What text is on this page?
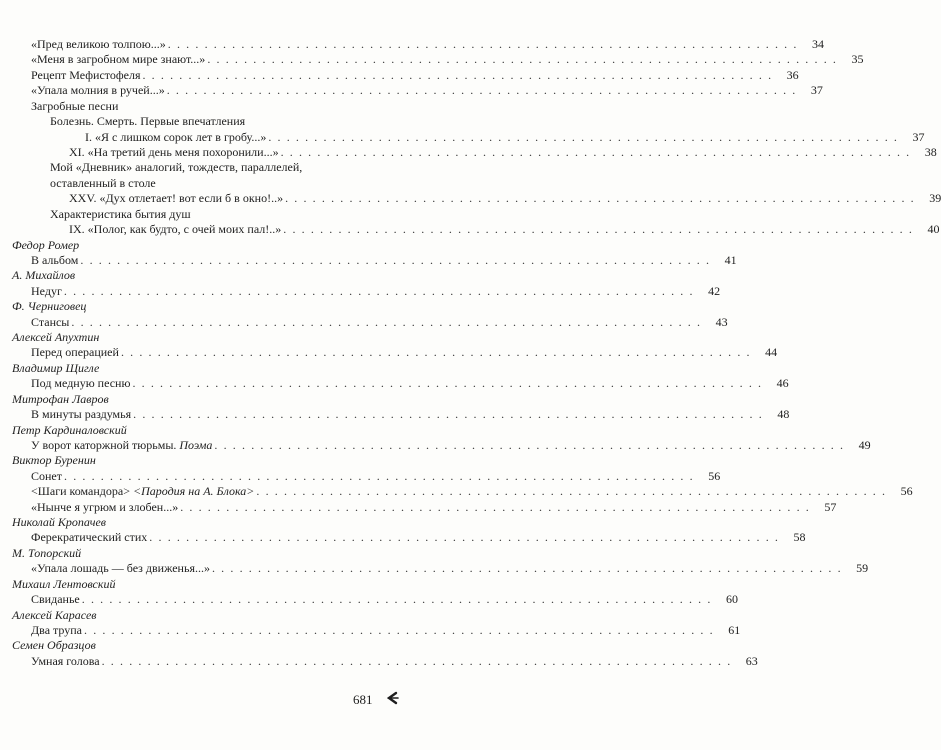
«Пред великою толпою...» . . . . . . . . . . . . . . . . . . . . . . . . . . . . . . . . . . . . . . . . . . . . . . . . . . . . . . . . . . . . . . . . . . . . .	34
«Меня в загробном мире знают...» . . . . . . . . . . . . . . . . . . . . . . . . . . . . . . . . . . . . . . . . . . . . . . . . . . . . . . . . . . . . . . . . . . . . .	35
Рецепт Мефистофеля . . . . . . . . . . . . . . . . . . . . . . . . . . . . . . . . . . . . . . . . . . . . . . . . . . . . . . . . . . . . . . . . . . . . .	36
«Упала молния в ручей...» . . . . . . . . . . . . . . . . . . . . . . . . . . . . . . . . . . . . . . . . . . . . . . . . . . . . . . . . . . . . . . . . . . . . .	37
Загробные песни
Болезнь. Смерть. Первые впечатления
I. «Я с лишком сорок лет в гробу...» . . . . . . . . . . . . . . . . . . . . . . . . . . . . . . . . . . . . . . . . . . . . . . . . . . . . . . . . . . . . . . . . . . . . .	37
XI. «На третий день меня похоронили...» . . . . . . . . . . . . . . . . . . . . . . . . . . . . . . . . . . . . . . . . . . . . . . . . . . . . . . . . . . . . . . . . . . . . .	38
Мой «Дневник» аналогий, тождеств, параллелей,
оставленный в столе
XXV. «Дух отлетает! вот если б в окно!..» . . . . . . . . . . . . . . . . . . . . . . . . . . . . . . . . . . . . . . . . . . . . . . . . . . . . . . . . . . . . . . . . . . . . .	39
Характеристика бытия душ
IX. «Полог, как будто, с очей моих пал!..» . . . . . . . . . . . . . . . . . . . . . . . . . . . . . . . . . . . . . . . . . . . . . . . . . . . . . . . . . . . . . . . . . . . . .	40
Федор Ромер
В альбом . . . . . . . . . . . . . . . . . . . . . . . . . . . . . . . . . . . . . . . . . . . . . . . . . . . . . . . . . . . . . . . . . . . . .	41
А. Михайлов
Недуг . . . . . . . . . . . . . . . . . . . . . . . . . . . . . . . . . . . . . . . . . . . . . . . . . . . . . . . . . . . . . . . . . . . . .	42
Ф. Черниговец
Стансы . . . . . . . . . . . . . . . . . . . . . . . . . . . . . . . . . . . . . . . . . . . . . . . . . . . . . . . . . . . . . . . . . . . . .	43
Алексей Апухтин
Перед операцией . . . . . . . . . . . . . . . . . . . . . . . . . . . . . . . . . . . . . . . . . . . . . . . . . . . . . . . . . . . . . . . . . . . . .	44
Владимир Щигле
Под медную песню . . . . . . . . . . . . . . . . . . . . . . . . . . . . . . . . . . . . . . . . . . . . . . . . . . . . . . . . . . . . . . . . . . . . .	46
Митрофан Лавров
В минуты раздумья . . . . . . . . . . . . . . . . . . . . . . . . . . . . . . . . . . . . . . . . . . . . . . . . . . . . . . . . . . . . . . . . . . . . .	48
Петр Кардиналовский
У ворот каторжной тюрьмы. Поэма . . . . . . . . . . . . . . . . . . . . . . . . . . . . . . . . . . . . . . . . . . . . . . . . . . . . . . . . . . . . . . . . . . . . .	49
Виктор Буренин
Сонет . . . . . . . . . . . . . . . . . . . . . . . . . . . . . . . . . . . . . . . . . . . . . . . . . . . . . . . . . . . . . . . . . . . . .	56
<Шаги командора> <Пародия на А. Блока> . . . . . . . . . . . . . . . . . . . . . . . . . . . . . . . . . . . . . . . . . . . . . . . . . . . . . . . . . . . . . . . . . . . . .	56
«Нынче я угрюм и злобен...» . . . . . . . . . . . . . . . . . . . . . . . . . . . . . . . . . . . . . . . . . . . . . . . . . . . . . . . . . . . . . . . . . . . . .	57
Николай Кропачев
Ферекратический стих . . . . . . . . . . . . . . . . . . . . . . . . . . . . . . . . . . . . . . . . . . . . . . . . . . . . . . . . . . . . . . . . . . . . .	58
М. Топорский
«Упала лошадь — без движенья...» . . . . . . . . . . . . . . . . . . . . . . . . . . . . . . . . . . . . . . . . . . . . . . . . . . . . . . . . . . . . . . . . . . . . .	59
Михаил Лентовский
Свиданье . . . . . . . . . . . . . . . . . . . . . . . . . . . . . . . . . . . . . . . . . . . . . . . . . . . . . . . . . . . . . . . . . . . . .	60
Алексей Карасев
Два трупа . . . . . . . . . . . . . . . . . . . . . . . . . . . . . . . . . . . . . . . . . . . . . . . . . . . . . . . . . . . . . . . . . . . . .	61
Семен Образцов
Умная голова . . . . . . . . . . . . . . . . . . . . . . . . . . . . . . . . . . . . . . . . . . . . . . . . . . . . . . . . . . . . . . . . . . . . .	63
681
